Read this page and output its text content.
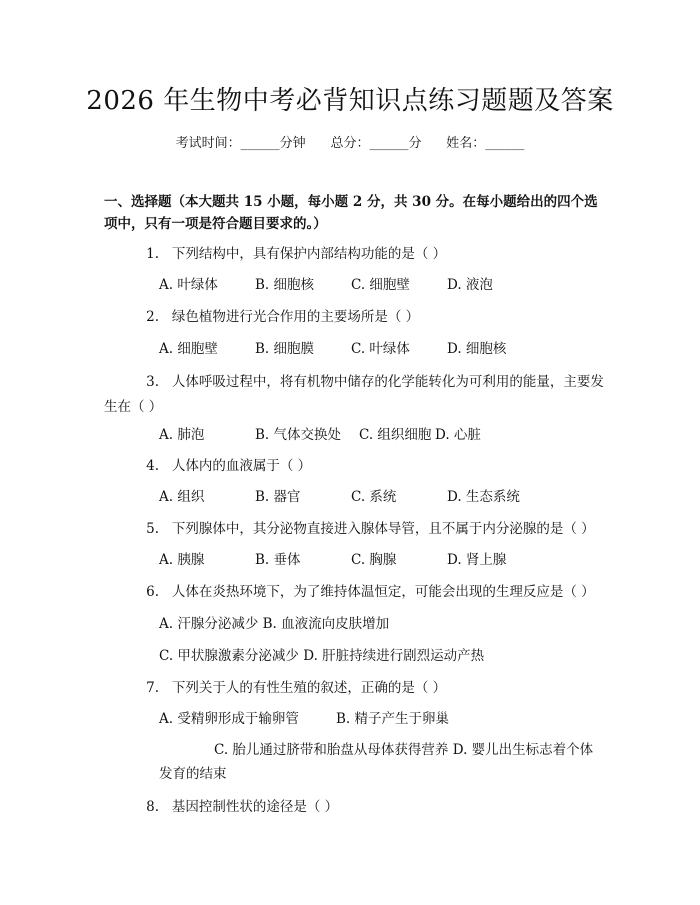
2026 年生物中考必背知识点练习题题及答案
考试时间：______分钟 总分：______分 姓名：______
一、选择题（本大题共 15 小题，每小题 2 分，共 30 分。在每小题给出的四个选项中，只有一项是符合题目要求的。）
1. 下列结构中，具有保护内部结构功能的是（ ）
A. 叶绿体	B. 细胞核	C. 细胞壁	D. 液泡
2. 绿色植物进行光合作用的主要场所是（ ）
A. 细胞壁	B. 细胞膜	C. 叶绿体	D. 细胞核
3. 人体呼吸过程中，将有机物中储存的化学能转化为可利用的能量，主要发生在（ ）
A. 肺泡	B. 气体交换处	C. 组织细胞 D. 心脏
4. 人体内的血液属于（ ）
A. 组织	B. 器官	C. 系统	D. 生态系统
5. 下列腺体中，其分泌物直接进入腺体导管，且不属于内分泌腺的是（ ）
A. 胰腺	B. 垂体	C. 胸腺	D. 肾上腺
6. 人体在炎热环境下，为了维持体温恒定，可能会出现的生理反应是（ ）
A. 汗腺分泌减少 B. 血液流向皮肤增加
C. 甲状腺激素分泌减少 D. 肝脏持续进行剧烈运动产热
7. 下列关于人的有性生殖的叙述，正确的是（ ）
A. 受精卵形成于输卵管	B. 精子产生于卵巢
C. 胎儿通过脐带和胎盘从母体获得营养 D. 婴儿出生标志着个体发育的结束
8. 基因控制性状的途径是（ ）
